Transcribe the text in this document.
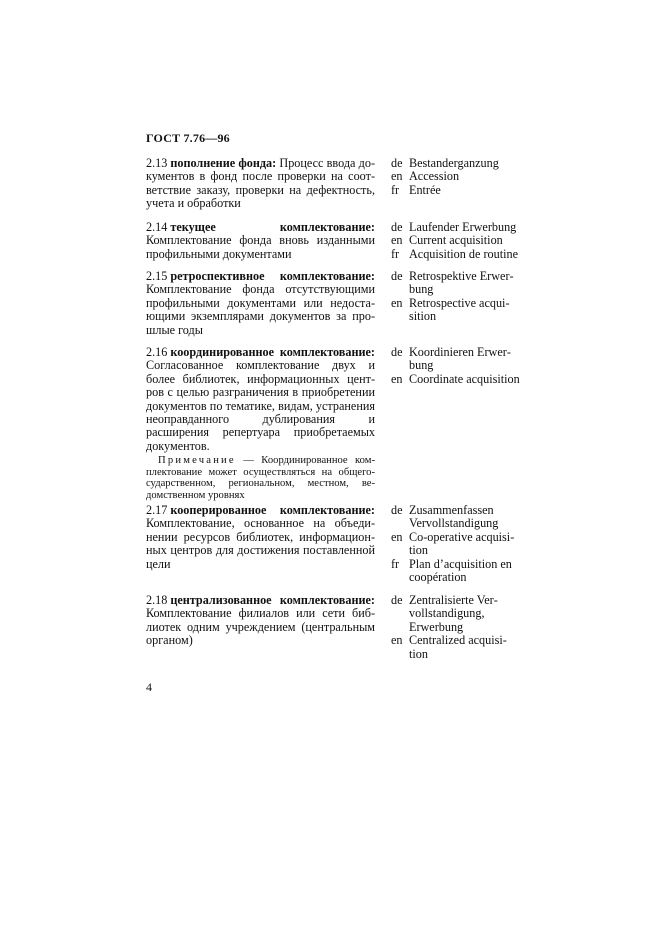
ГОСТ 7.76—96
2.13 пополнение фонда: Процесс ввода документов в фонд после проверки на соответствие заказу, проверки на дефектность, учета и обработки
de Bestanderganzung
en Accession
fr Entrée
2.14 текущее комплектование: Комплектование фонда вновь изданными профильными документами
de Laufender Erwerbung
en Current acquisition
fr Acquisition de routine
2.15 ретроспективное комплектование: Комплектование фонда отсутствующими профильными документами или недостающими экземплярами документов за прошлые годы
de Retrospektive Erwerbung
en Retrospective acquisition
2.16 координированное комплектование: Согласованное комплектование двух и более библиотек, информационных центров с целью разграничения в приобретении документов по тематике, видам, устранения неоправданного дублирования и расширения репертуара приобретаемых документов.
Примечание — Координированное комплектование может осуществляться на общегосударственном, региональном, местном, ведомственном уровнях
de Koordinieren Erwerbung
en Coordinate acquisition
2.17 кооперированное комплектование: Комплектование, основанное на объединении ресурсов библиотек, информационных центров для достижения поставленной цели
de Zusammenfassen Vervollstandigung
en Co-operative acquisition
fr Plan d’acquisition en coopération
2.18 централизованное комплектование: Комплектование филиалов или сети библиотек одним учреждением (центральным органом)
de Zentralisierte Vervollstandigung, Erwerbung
en Centralized acquisition
4
